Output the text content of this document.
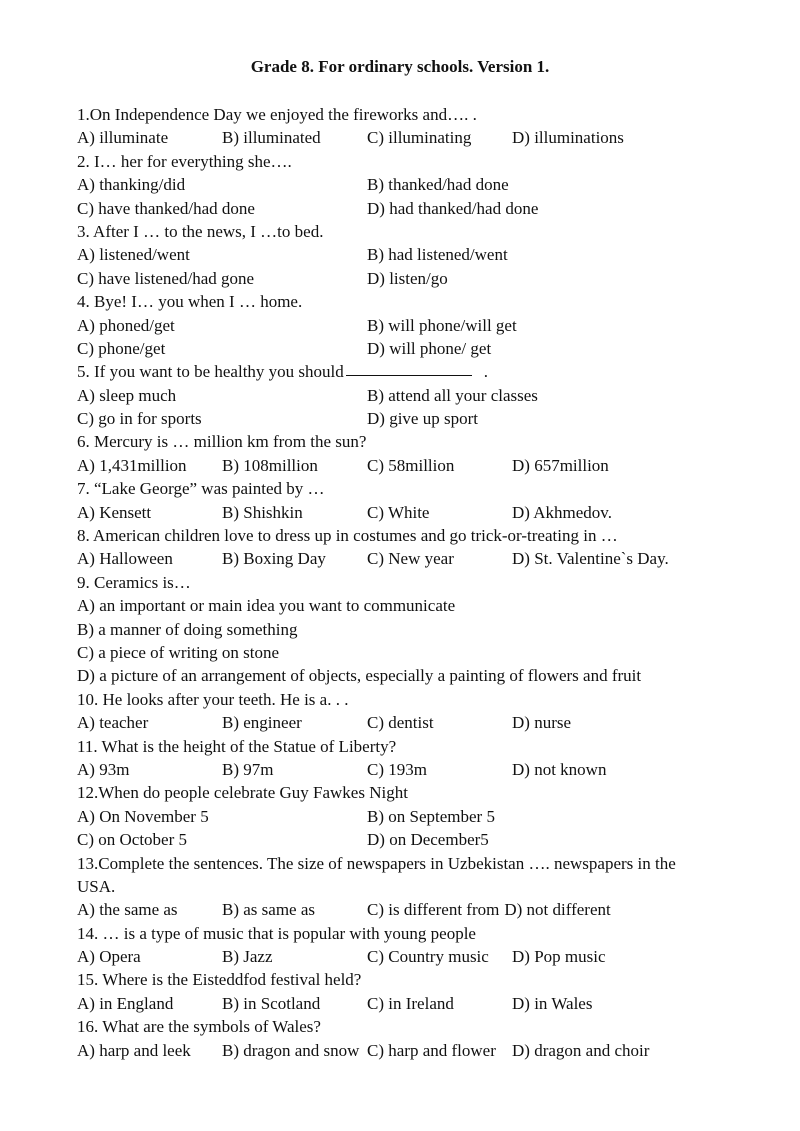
Grade 8. For ordinary schools. Version 1.
1.On Independence Day we enjoyed the fireworks and…. .
A) illuminate	B) illuminated	C) illuminating	D) illuminations
2. I… her for everything she….
A) thanking/did	B) thanked/had done
C) have thanked/had done	D) had thanked/had done
3. After I … to the news, I …to bed.
A) listened/went	B) had listened/went
C) have listened/had gone	D) listen/go
4. Bye! I… you when I … home.
A) phoned/get	B) will phone/will get
C) phone/get	D) will phone/ get
5. If you want to be healthy you should	.
A) sleep much	B) attend all your classes
C) go in for sports	D) give up sport
6. Mercury is … million km from the sun?
A) 1,431million	B) 108million	C) 58million	D) 657million
7. “Lake George” was painted by …
A) Kensett	B) Shishkin	C) White	D) Akhmedov.
8. American children love to dress up in costumes and go trick-or-treating in …
A) Halloween	B) Boxing Day	C) New year	D) St. Valentine`s Day.
9. Ceramics is…
A) an important or main idea you want to communicate
B) a manner of doing something
C) a piece of writing on stone
D) a picture of an arrangement of objects, especially a painting of flowers and fruit
10. He looks after your teeth. He is a. . .
A) teacher	B) engineer	C) dentist	D) nurse
11. What is the height of the Statue of Liberty?
A) 93m	B) 97m	C) 193m	D) not known
12.When do people celebrate Guy Fawkes Night
A) On November 5	B) on September 5
C) on October 5	D) on December5
13.Complete the sentences. The size of newspapers in Uzbekistan …. newspapers in the
USA.
A) the same as	B) as same as	C) is different from D) not different
14. … is a type of music that is popular with young people
A) Opera	B) Jazz	C) Country music	D) Pop music
15. Where is the Eisteddfod festival held?
A) in England	B) in Scotland	C) in Ireland	D) in Wales
16. What are the symbols of Wales?
A) harp and leek	B) dragon and snow C) harp and flower D) dragon and choir
